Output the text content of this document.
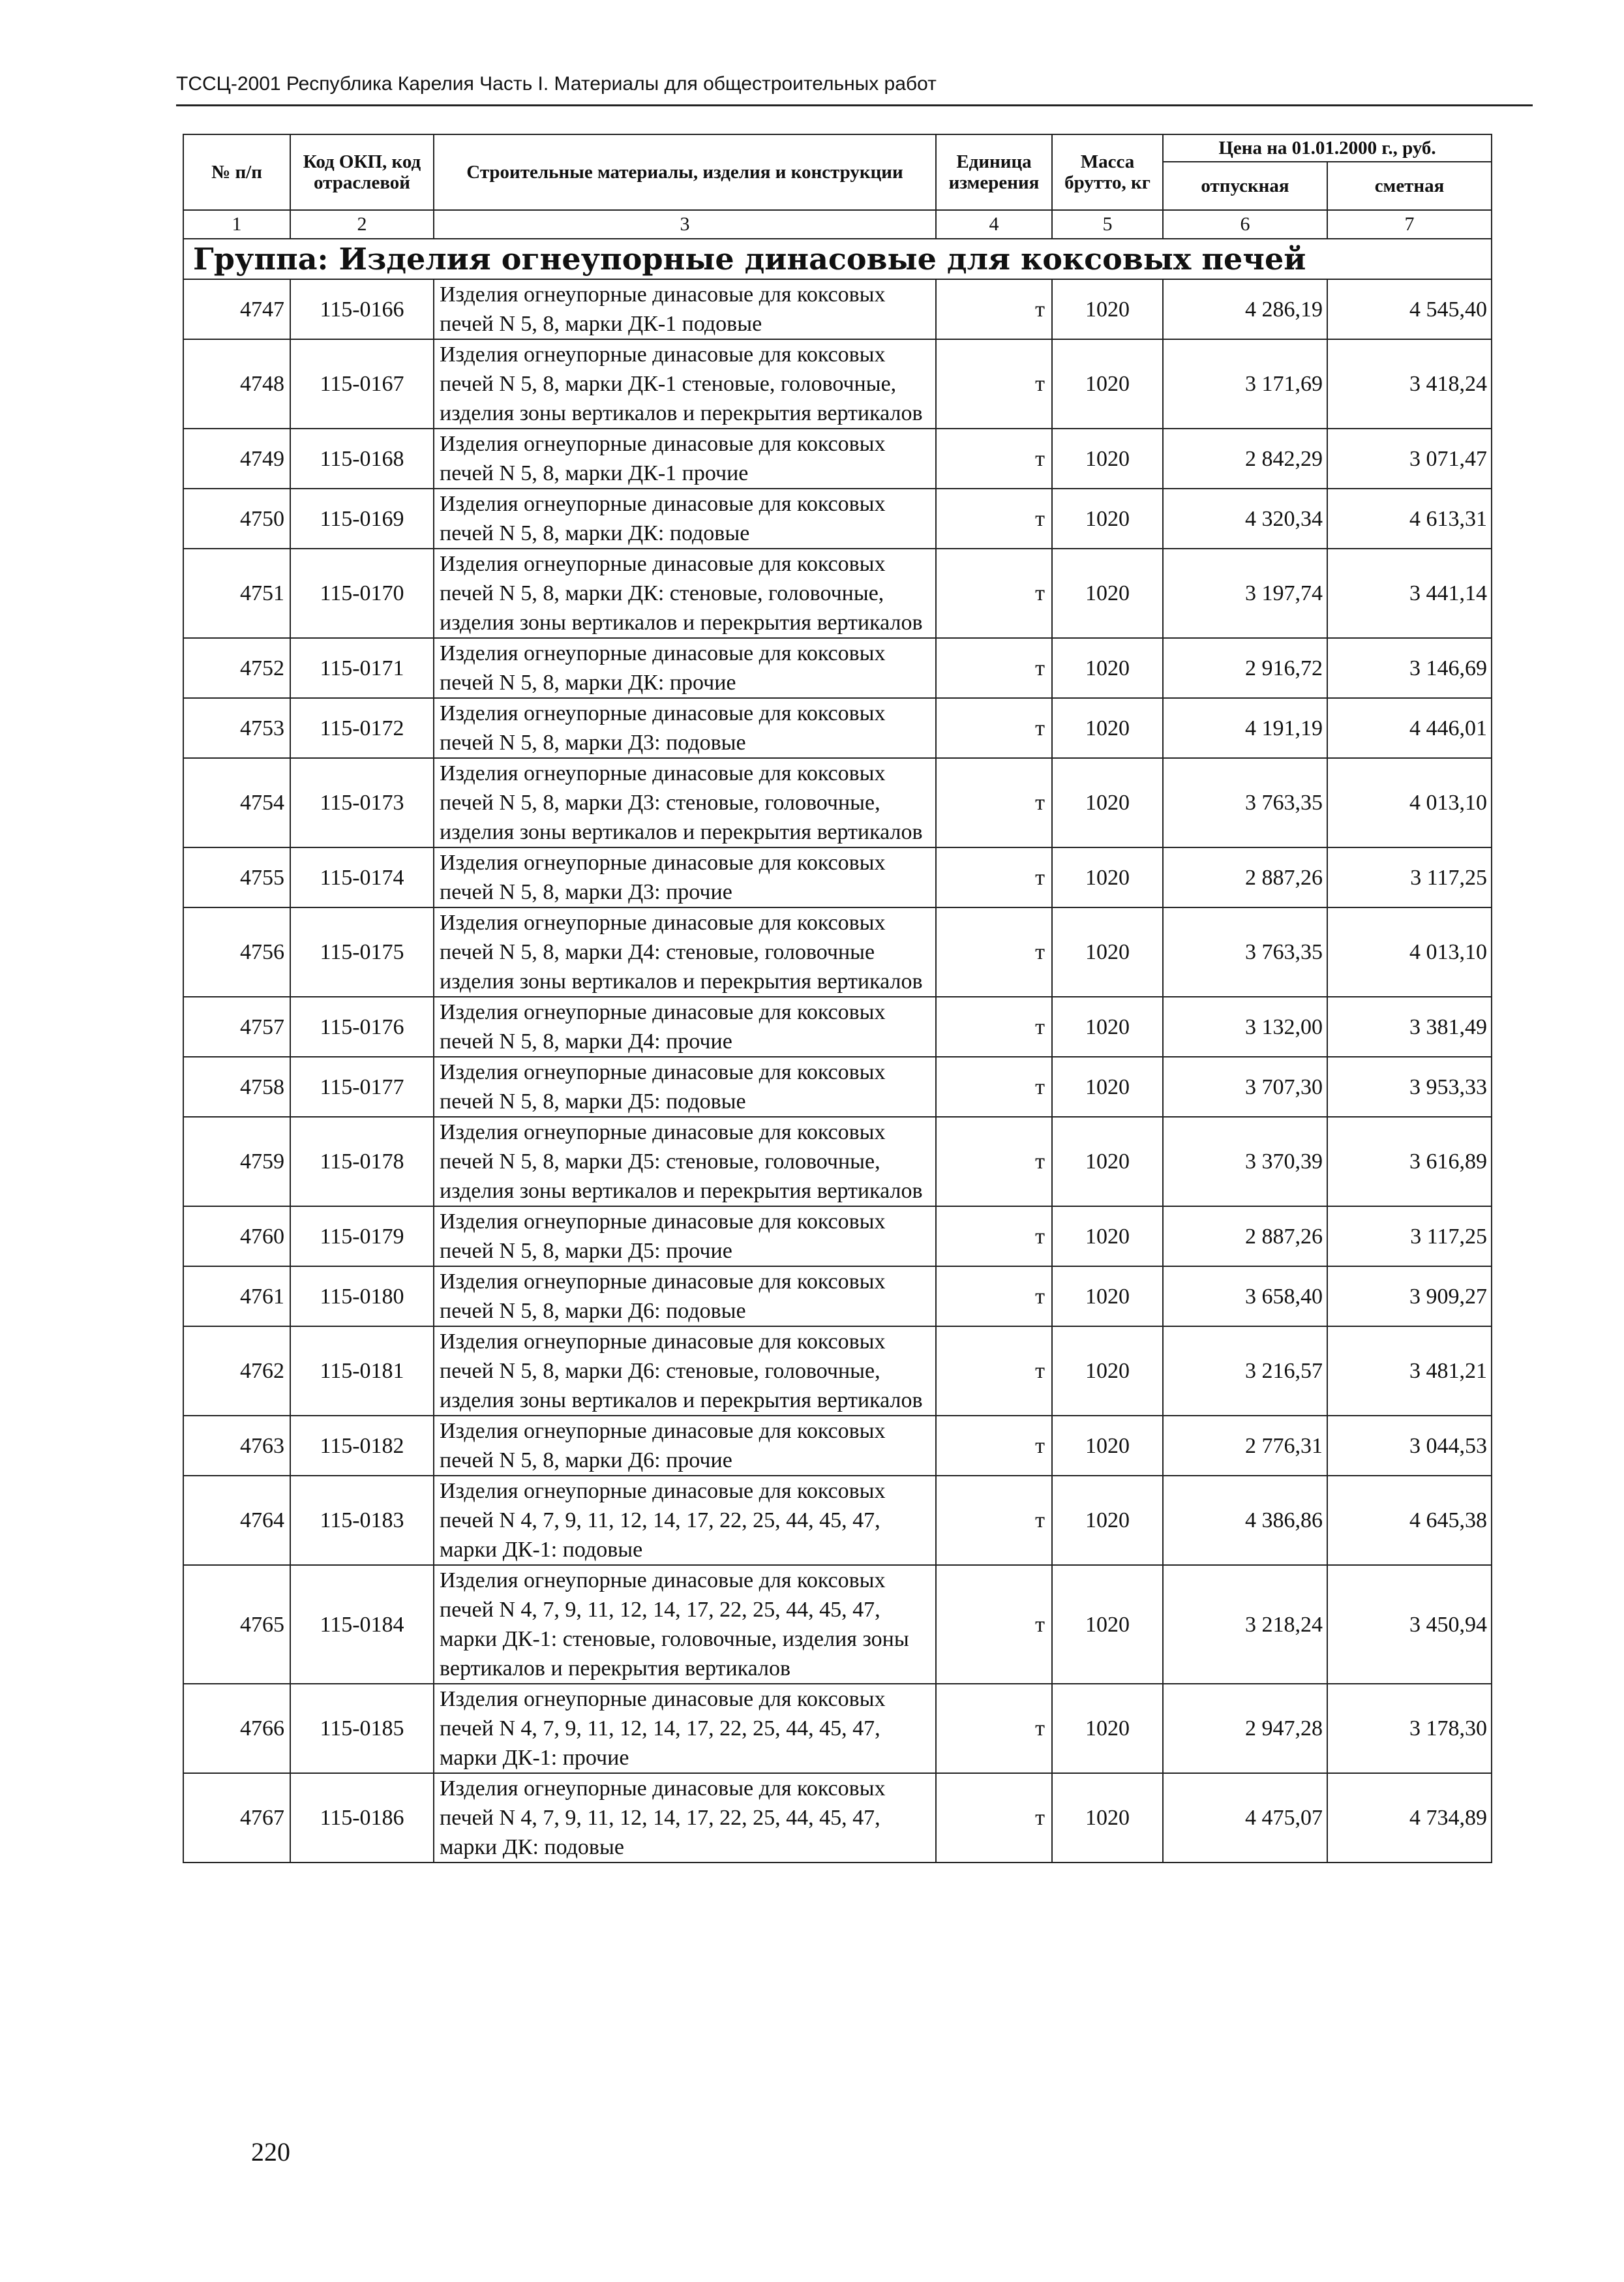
ТССЦ-2001 Республика Карелия Часть I. Материалы для общестроительных работ
№ п/п	Код ОКП, код отраслевой	Строительные материалы, изделия и конструкции	Единица измерения	Масса брутто, кг	Цена на 01.01.2000 г., руб.	
					отпускная	сметная
1	2	3	4	5	6	7
Группа: Изделия огнеупорные динасовые для коксовых печей						
4747	115-0166	Изделия огнеупорные динасовые для коксовых печей N 5, 8, марки ДК-1 подовые	т	1020	4 286,19	4 545,40
4748	115-0167	Изделия огнеупорные динасовые для коксовых печей N 5, 8, марки ДК-1 стеновые, головочные, изделия зоны вертикалов и перекрытия вертикалов	т	1020	3 171,69	3 418,24
4749	115-0168	Изделия огнеупорные динасовые для коксовых печей N 5, 8, марки ДК-1 прочие	т	1020	2 842,29	3 071,47
4750	115-0169	Изделия огнеупорные динасовые для коксовых печей N 5, 8, марки ДК: подовые	т	1020	4 320,34	4 613,31
4751	115-0170	Изделия огнеупорные динасовые для коксовых печей N 5, 8, марки ДК: стеновые, головочные, изделия зоны вертикалов и перекрытия вертикалов	т	1020	3 197,74	3 441,14
4752	115-0171	Изделия огнеупорные динасовые для коксовых печей N 5, 8, марки ДК: прочие	т	1020	2 916,72	3 146,69
4753	115-0172	Изделия огнеупорные динасовые для коксовых печей N 5, 8, марки Д3: подовые	т	1020	4 191,19	4 446,01
4754	115-0173	Изделия огнеупорные динасовые для коксовых печей N 5, 8, марки Д3: стеновые, головочные, изделия зоны вертикалов и перекрытия вертикалов	т	1020	3 763,35	4 013,10
4755	115-0174	Изделия огнеупорные динасовые для коксовых печей N 5, 8, марки Д3: прочие	т	1020	2 887,26	3 117,25
4756	115-0175	Изделия огнеупорные динасовые для коксовых печей N 5, 8, марки Д4: стеновые, головочные изделия зоны вертикалов и перекрытия вертикалов	т	1020	3 763,35	4 013,10
4757	115-0176	Изделия огнеупорные динасовые для коксовых печей N 5, 8, марки Д4: прочие	т	1020	3 132,00	3 381,49
4758	115-0177	Изделия огнеупорные динасовые для коксовых печей N 5, 8, марки Д5: подовые	т	1020	3 707,30	3 953,33
4759	115-0178	Изделия огнеупорные динасовые для коксовых печей N 5, 8, марки Д5: стеновые, головочные, изделия зоны вертикалов и перекрытия вертикалов	т	1020	3 370,39	3 616,89
4760	115-0179	Изделия огнеупорные динасовые для коксовых печей N 5, 8, марки Д5: прочие	т	1020	2 887,26	3 117,25
4761	115-0180	Изделия огнеупорные динасовые для коксовых печей N 5, 8, марки Д6: подовые	т	1020	3 658,40	3 909,27
4762	115-0181	Изделия огнеупорные динасовые для коксовых печей N 5, 8, марки Д6: стеновые, головочные, изделия зоны вертикалов и перекрытия вертикалов	т	1020	3 216,57	3 481,21
4763	115-0182	Изделия огнеупорные динасовые для коксовых печей N 5, 8, марки Д6: прочие	т	1020	2 776,31	3 044,53
4764	115-0183	Изделия огнеупорные динасовые для коксовых печей N 4, 7, 9, 11, 12, 14, 17, 22, 25, 44, 45, 47, марки ДК-1: подовые	т	1020	4 386,86	4 645,38
4765	115-0184	Изделия огнеупорные динасовые для коксовых печей N 4, 7, 9, 11, 12, 14, 17, 22, 25, 44, 45, 47, марки ДК-1: стеновые, головочные, изделия зоны вертикалов и перекрытия вертикалов	т	1020	3 218,24	3 450,94
4766	115-0185	Изделия огнеупорные динасовые для коксовых печей N 4, 7, 9, 11, 12, 14, 17, 22, 25, 44, 45, 47, марки ДК-1: прочие	т	1020	2 947,28	3 178,30
4767	115-0186	Изделия огнеупорные динасовые для коксовых печей N 4, 7, 9, 11, 12, 14, 17, 22, 25, 44, 45, 47, марки ДК: подовые	т	1020	4 475,07	4 734,89
220
